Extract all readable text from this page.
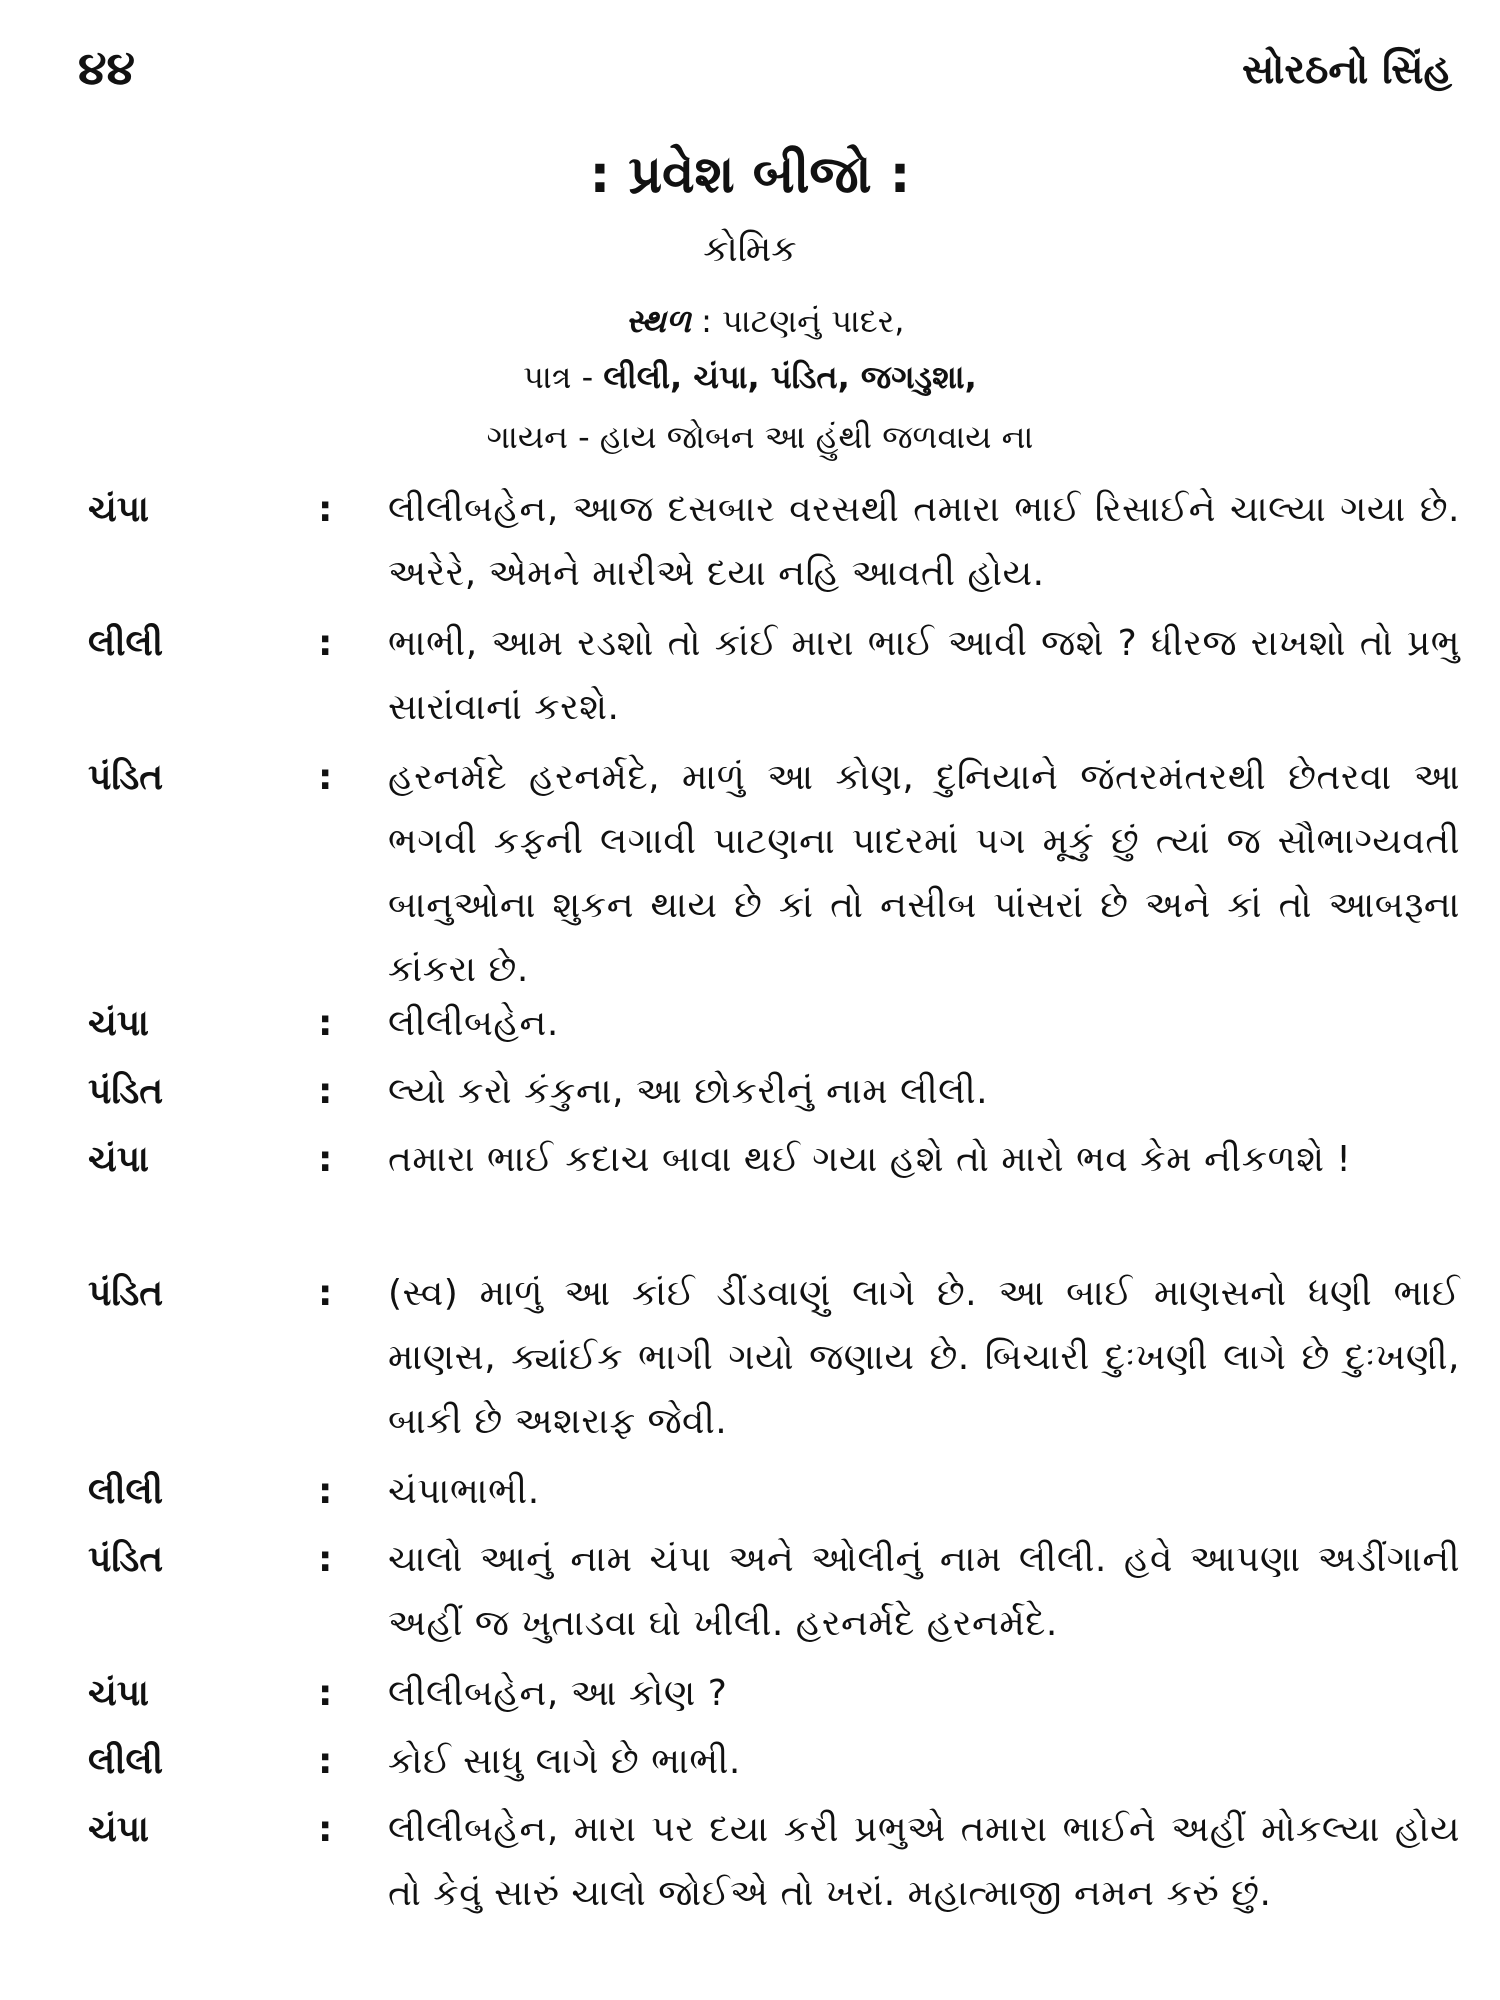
૪૪	સોરઠનો સિંહ
: પ્રવેશ બીજો :
કોમિક
સ્થળ : પાટણનું પાદર,
પાત્ર - લીલી, ચંપા, પંડિત, જગડુશા,
ગાયન - હાય જોબન આ હુંથી જળવાય ના
ચંપા	: લીલીબહેન, આજ દસબાર વરસથી તમારા ભાઈ રિસાઈને ચાલ્યા ગયા છે. અરેરે, એમને મારીએ દયા નહિ આવતી હોય.
લીલી	: ભાભી, આમ રડશો તો કાંઈ મારા ભાઈ આવી જશે ? ધીરજ રાખશો તો પ્રભુ સારાંવાનાં કરશે.
પંડિત	: હરનર્મદે હરનર્મદે, માળું આ કોણ, દુનિયાને જંતરમંતરથી છેતરવા આ ભગવી કફની લગાવી પાટણના પાદરમાં પગ મૂકું છું ત્યાં જ સૌભાગ્યવતી બાનુઓના શુકન થાય છે કાં તો નસીબ પાંસરાં છે અને કાં તો આબરૂના કાંકરા છે.
ચંપા	: લીલીબહેન.
પંડિત	: લ્યો કરો કંકુના, આ છોકરીનું નામ લીલી.
ચંપા	: તમારા ભાઈ કદાચ બાવા થઈ ગયા હશે તો મારો ભવ કેમ નીકળશે !
પંડિત	: (સ્વ) માળું આ કાંઈ ડીંડવાણું લાગે છે. આ બાઈ માણસનો ધણી ભાઈ માણસ, ક્યાંઈક ભાગી ગયો જણાય છે. બિચારી દુઃખણી લાગે છે દુઃખણી, બાકી છે અશરાફ જેવી.
લીલી	: ચંપાભાભી.
પંડિત	: ચાલો આનું નામ ચંપા અને ઓલીનું નામ લીલી. હવે આપણા અડીંગાની અહીં જ ખુતાડવા ઘો ખીલી. હરનર્મદે હરનર્મદે.
ચંપા	: લીલીબહેન, આ કોણ ?
લીલી	: કોઈ સાધુ લાગે છે ભાભી.
ચંપા	: લીલીબહેન, મારા પર દયા કરી પ્રભુએ તમારા ભાઈને અહીં મોકલ્યા હોય તો કેવું સારું ચાલો જોઈએ તો ખરાં. મહાત્માજી નમન કરું છું.
